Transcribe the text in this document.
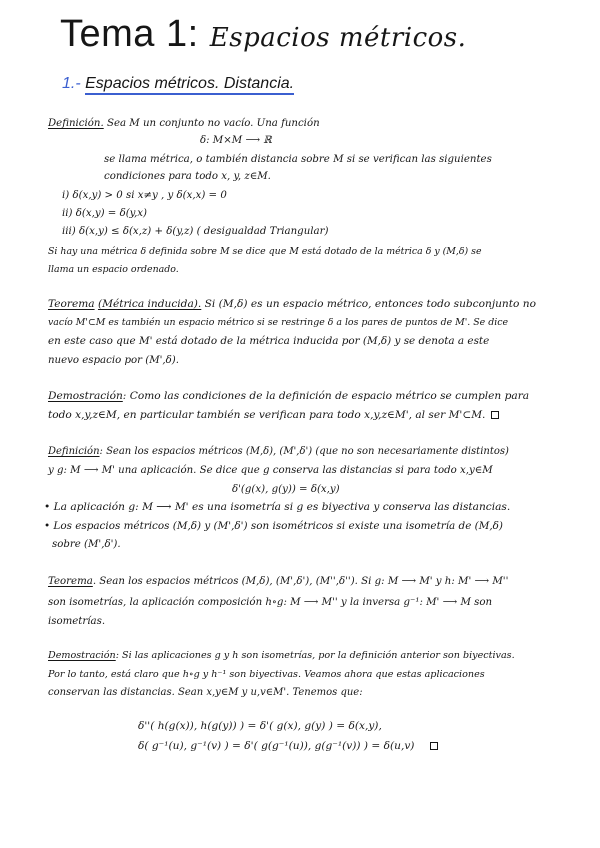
Tema 1: Espacios métricos.
1.- Espacios métricos. Distancia.
Definición. Sea M un conjunto no vacío. Una función
δ: M×M ⟶ ℝ
se llama métrica, o también distancia sobre M si se verifican las siguientes
condiciones para todo x, y, z∈M.
i) δ(x,y) > 0 si x≠y , y δ(x,x) = 0
ii) δ(x,y) = δ(y,x)
iii) δ(x,y) ≤ δ(x,z) + δ(y,z) ( desigualdad Triangular)
Si hay una métrica δ definida sobre M se dice que M está dotado de la métrica δ y (M,δ) se
llama un espacio ordenado.
Teorema (Métrica inducida). Si (M,δ) es un espacio métrico, entonces todo subconjunto no
vacío M'⊂M es también un espacio métrico si se restringe δ a los pares de puntos de M'. Se dice
en este caso que M' está dotado de la métrica inducida por (M,δ) y se denota a este
nuevo espacio por (M',δ).
Demostración: Como las condiciones de la definición de espacio métrico se cumplen para
todo x,y,z∈M, en particular también se verifican para todo x,y,z∈M', al ser M'⊂M.
Definición: Sean los espacios métricos (M,δ), (M',δ') (que no son necesariamente distintos)
y g: M ⟶ M' una aplicación. Se dice que g conserva las distancias si para todo x,y∈M
δ'(g(x), g(y)) = δ(x,y)
• La aplicación g: M ⟶ M' es una isometría si g es biyectiva y conserva las distancias.
• Los espacios métricos (M,δ) y (M',δ') son isométricos si existe una isometría de (M,δ)
sobre (M',δ').
Teorema. Sean los espacios métricos (M,δ), (M',δ'), (M'',δ''). Si g: M ⟶ M' y h: M' ⟶ M''
son isometrías, la aplicación composición h∘g: M ⟶ M'' y la inversa g⁻¹: M' ⟶ M son
isometrías.
Demostración: Si las aplicaciones g y h son isometrías, por la definición anterior son biyectivas.
Por lo tanto, está claro que h∘g y h⁻¹ son biyectivas. Veamos ahora que estas aplicaciones
conservan las distancias. Sean x,y∈M y u,v∈M'. Tenemos que:
δ''( h(g(x)), h(g(y)) ) = δ'( g(x), g(y) ) = δ(x,y),
δ( g⁻¹(u), g⁻¹(v) ) = δ'( g(g⁻¹(u)), g(g⁻¹(v)) ) = δ(u,v)
